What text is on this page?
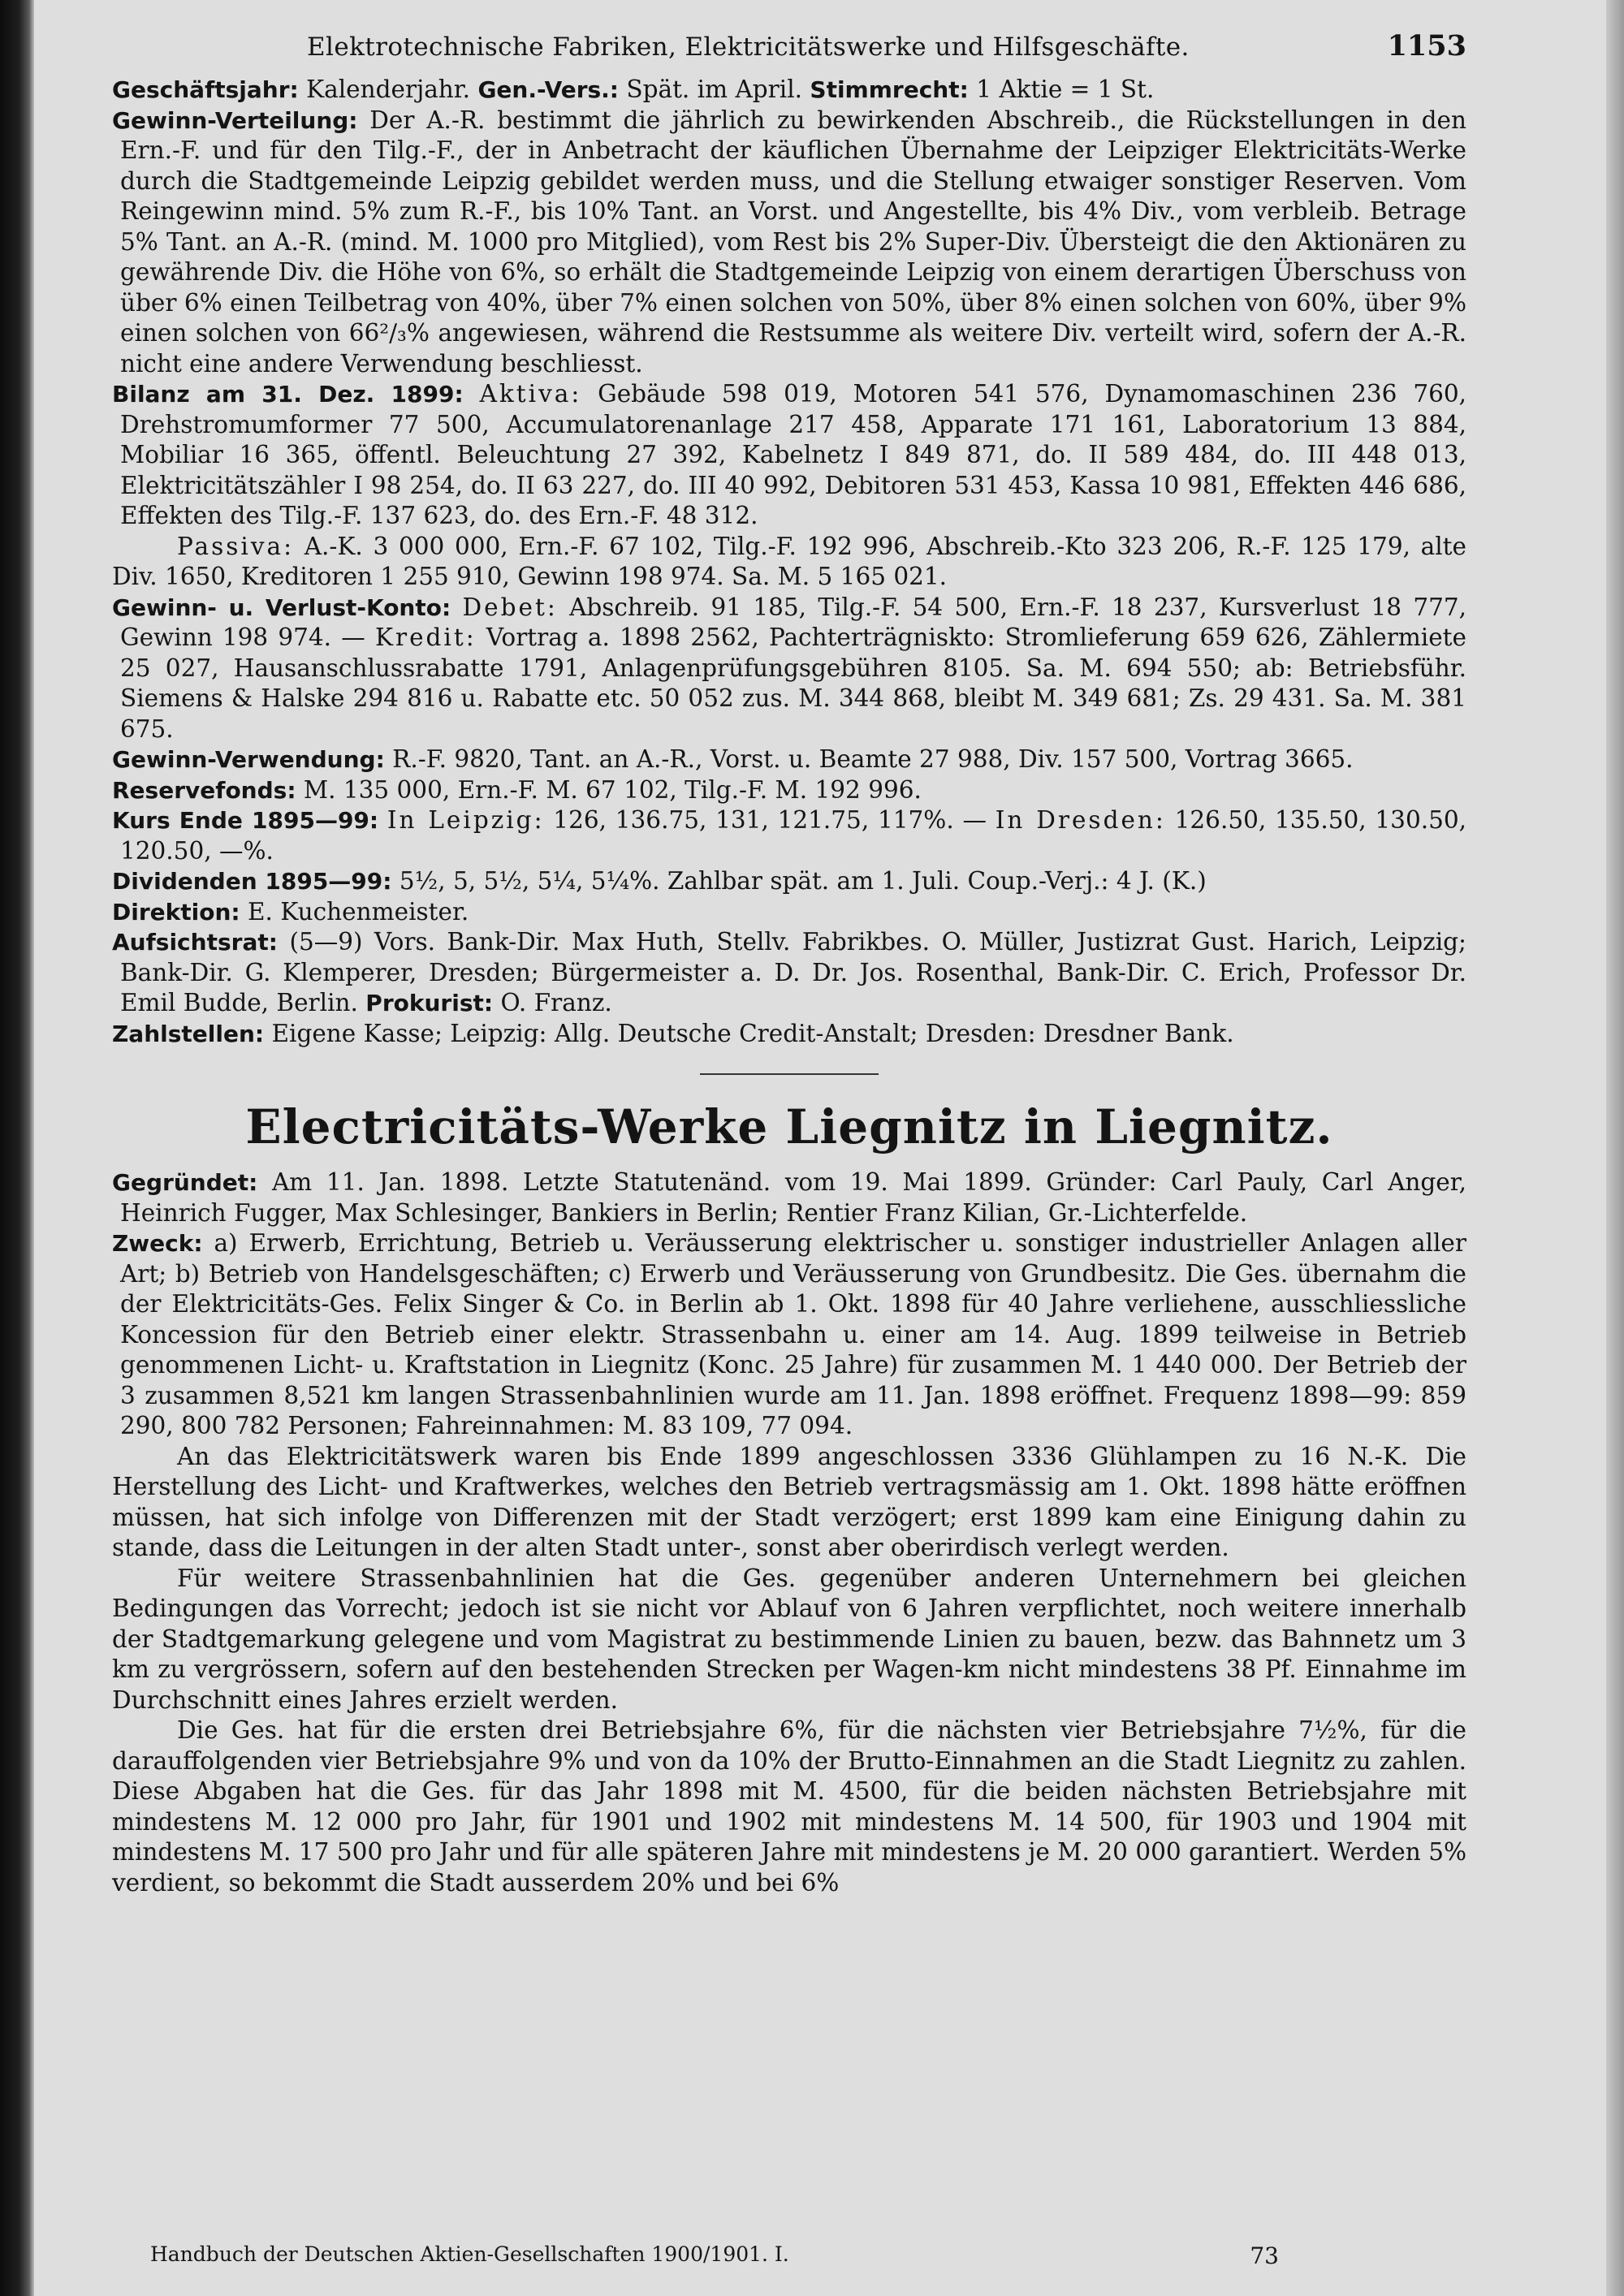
Elektrotechnische Fabriken, Elektricitätswerke und Hilfsgeschäfte.	1153

Geschäftsjahr: Kalenderjahr. Gen.-Vers.: Spät. im April. Stimmrecht: 1 Aktie = 1 St.

Gewinn-Verteilung: Der A.-R. bestimmt die jährlich zu bewirkenden Abschreib., die Rückstellungen in den Ern.-F. und für den Tilg.-F., der in Anbetracht der käuflichen Übernahme der Leipziger Elektricitäts-Werke durch die Stadtgemeinde Leipzig gebildet werden muss, und die Stellung etwaiger sonstiger Reserven. Vom Reingewinn mind. 5% zum R.-F., bis 10% Tant. an Vorst. und Angestellte, bis 4% Div., vom verbleib. Betrage 5% Tant. an A.-R. (mind. M. 1000 pro Mitglied), vom Rest bis 2% Super-Div. Übersteigt die den Aktionären zu gewährende Div. die Höhe von 6%, so erhält die Stadtgemeinde Leipzig von einem derartigen Überschuss von über 6% einen Teilbetrag von 40%, über 7% einen solchen von 50%, über 8% einen solchen von 60%, über 9% einen solchen von 66²/₃% angewiesen, während die Restsumme als weitere Div. verteilt wird, sofern der A.-R. nicht eine andere Verwendung beschliesst.

Bilanz am 31. Dez. 1899: Aktiva: Gebäude 598 019, Motoren 541 576, Dynamomaschinen 236 760, Drehstromumformer 77 500, Accumulatorenanlage 217 458, Apparate 171 161, Laboratorium 13 884, Mobiliar 16 365, öffentl. Beleuchtung 27 392, Kabelnetz I 849 871, do. II 589 484, do. III 448 013, Elektricitätszähler I 98 254, do. II 63 227, do. III 40 992, Debitoren 531 453, Kassa 10 981, Effekten 446 686, Effekten des Tilg.-F. 137 623, do. des Ern.-F. 48 312.

Passiva: A.-K. 3 000 000, Ern.-F. 67 102, Tilg.-F. 192 996, Abschreib.-Kto 323 206, R.-F. 125 179, alte Div. 1650, Kreditoren 1 255 910, Gewinn 198 974. Sa. M. 5 165 021.

Gewinn- u. Verlust-Konto: Debet: Abschreib. 91 185, Tilg.-F. 54 500, Ern.-F. 18 237, Kursverlust 18 777, Gewinn 198 974. — Kredit: Vortrag a. 1898 2562, Pachterträgniskto: Stromlieferung 659 626, Zählermiete 25 027, Hausanschlussrabatte 1791, Anlagenprüfungsgebühren 8105. Sa. M. 694 550; ab: Betriebsführ. Siemens & Halske 294 816 u. Rabatte etc. 50 052 zus. M. 344 868, bleibt M. 349 681; Zs. 29 431. Sa. M. 381 675.

Gewinn-Verwendung: R.-F. 9820, Tant. an A.-R., Vorst. u. Beamte 27 988, Div. 157 500, Vortrag 3665.

Reservefonds: M. 135 000, Ern.-F. M. 67 102, Tilg.-F. M. 192 996.

Kurs Ende 1895—99: In Leipzig: 126, 136.75, 131, 121.75, 117%. — In Dresden: 126.50, 135.50, 130.50, 120.50, —%.

Dividenden 1895—99: 5½, 5, 5½, 5¼, 5¼%. Zahlbar spät. am 1. Juli. Coup.-Verj.: 4 J. (K.)

Direktion: E. Kuchenmeister.

Aufsichtsrat: (5—9) Vors. Bank-Dir. Max Huth, Stellv. Fabrikbes. O. Müller, Justizrat Gust. Harich, Leipzig; Bank-Dir. G. Klemperer, Dresden; Bürgermeister a. D. Dr. Jos. Rosenthal, Bank-Dir. C. Erich, Professor Dr. Emil Budde, Berlin. Prokurist: O. Franz.

Zahlstellen: Eigene Kasse; Leipzig: Allg. Deutsche Credit-Anstalt; Dresden: Dresdner Bank.

Electricitäts-Werke Liegnitz in Liegnitz.

Gegründet: Am 11. Jan. 1898. Letzte Statutenänd. vom 19. Mai 1899. Gründer: Carl Pauly, Carl Anger, Heinrich Fugger, Max Schlesinger, Bankiers in Berlin; Rentier Franz Kilian, Gr.-Lichterfelde.

Zweck: a) Erwerb, Errichtung, Betrieb u. Veräusserung elektrischer u. sonstiger industrieller Anlagen aller Art; b) Betrieb von Handelsgeschäften; c) Erwerb und Veräusserung von Grundbesitz. Die Ges. übernahm die der Elektricitäts-Ges. Felix Singer & Co. in Berlin ab 1. Okt. 1898 für 40 Jahre verliehene, ausschliessliche Koncession für den Betrieb einer elektr. Strassenbahn u. einer am 14. Aug. 1899 teilweise in Betrieb genommenen Licht- u. Kraftstation in Liegnitz (Konc. 25 Jahre) für zusammen M. 1 440 000. Der Betrieb der 3 zusammen 8,521 km langen Strassenbahnlinien wurde am 11. Jan. 1898 eröffnet. Frequenz 1898—99: 859 290, 800 782 Personen; Fahreinnahmen: M. 83 109, 77 094.

An das Elektricitätswerk waren bis Ende 1899 angeschlossen 3336 Glühlampen zu 16 N.-K. Die Herstellung des Licht- und Kraftwerkes, welches den Betrieb vertragsmässig am 1. Okt. 1898 hätte eröffnen müssen, hat sich infolge von Differenzen mit der Stadt verzögert; erst 1899 kam eine Einigung dahin zu stande, dass die Leitungen in der alten Stadt unter-, sonst aber oberirdisch verlegt werden.

Für weitere Strassenbahnlinien hat die Ges. gegenüber anderen Unternehmern bei gleichen Bedingungen das Vorrecht; jedoch ist sie nicht vor Ablauf von 6 Jahren verpflichtet, noch weitere innerhalb der Stadtgemarkung gelegene und vom Magistrat zu bestimmende Linien zu bauen, bezw. das Bahnnetz um 3 km zu vergrössern, sofern auf den bestehenden Strecken per Wagen-km nicht mindestens 38 Pf. Einnahme im Durchschnitt eines Jahres erzielt werden.

Die Ges. hat für die ersten drei Betriebsjahre 6%, für die nächsten vier Betriebsjahre 7½%, für die darauffolgenden vier Betriebsjahre 9% und von da 10% der Brutto-Einnahmen an die Stadt Liegnitz zu zahlen. Diese Abgaben hat die Ges. für das Jahr 1898 mit M. 4500, für die beiden nächsten Betriebsjahre mit mindestens M. 12 000 pro Jahr, für 1901 und 1902 mit mindestens M. 14 500, für 1903 und 1904 mit mindestens M. 17 500 pro Jahr und für alle späteren Jahre mit mindestens je M. 20 000 garantiert. Werden 5% verdient, so bekommt die Stadt ausserdem 20% und bei 6%

Handbuch der Deutschen Aktien-Gesellschaften 1900/1901. I.	73
